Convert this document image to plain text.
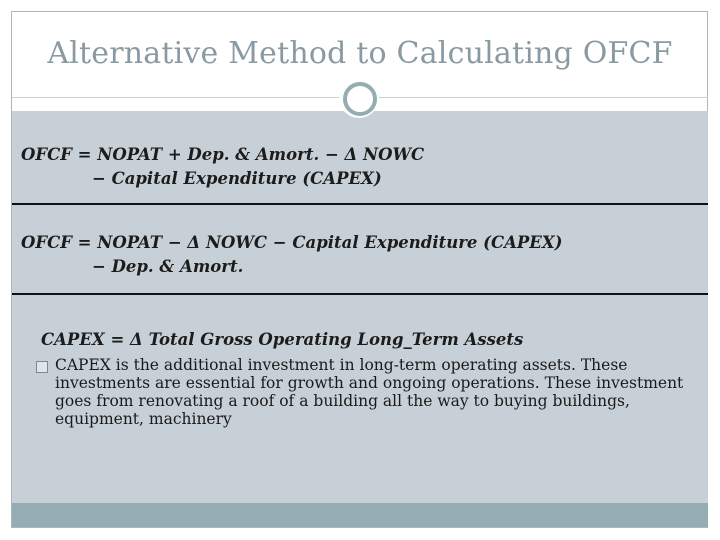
Alternative Method to Calculating OFCF
OFCF = NOPAT + Dep. & Amort. − Δ NOWC
− Capital Expenditure (CAPEX)
OFCF = NOPAT − Δ NOWC − Capital Expenditure (CAPEX)
− Dep. & Amort.
CAPEX = Δ Total Gross Operating Long_Term Assets
CAPEX is the additional investment in long-term operating assets. These investments are essential for growth and ongoing operations. These investment goes from renovating a roof of a building all the way to buying buildings, equipment, machinery
